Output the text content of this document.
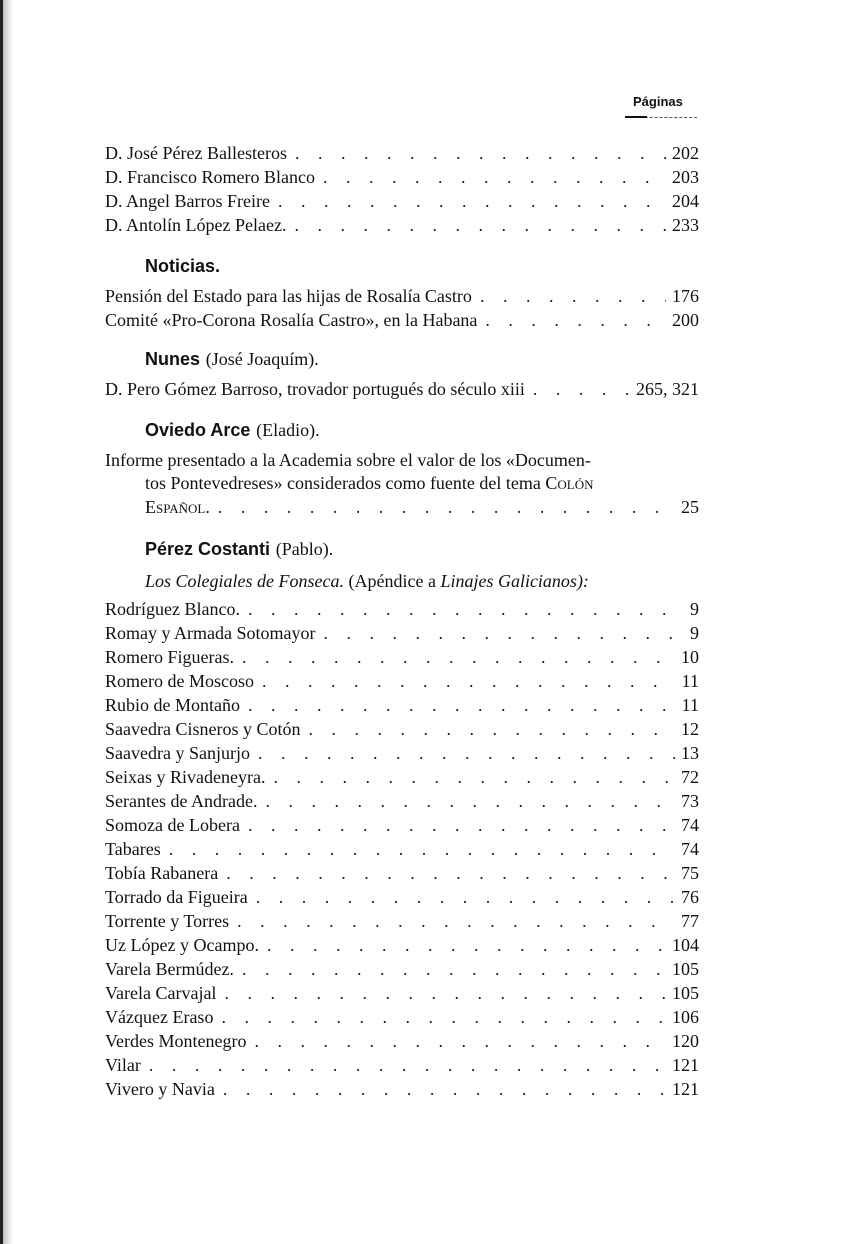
Páginas
D. José Pérez Ballesteros . . .	202
D. Francisco Romero Blanco . . .	203
D. Angel Barros Freire . . .	204
D. Antolín López Pelaez. . . .	233
Noticias.
Pensión del Estado para las hijas de Rosalía Castro . . .	176
Comité «Pro-Corona Rosalía Castro», en la Habana . . .	200
Nunes (José Joaquím).
D. Pero Gómez Barroso, trovador portugués do século xiii . . .	265, 321
Oviedo Arce (Eladio).
Informe presentado a la Academia sobre el valor de los «Documen-
tos Pontevedreses» considerados como fuente del tema Colón
Español. . . .	25
Pérez Costanti (Pablo).
Los Colegiales de Fonseca. (Apéndice a Linajes Galicianos):
Rodríguez Blanco. . . .	9
Romay y Armada Sotomayor . . .	9
Romero Figueras. . . .	10
Romero de Moscoso . . .	11
Rubio de Montaño . . .	11
Saavedra Cisneros y Cotón . . .	12
Saavedra y Sanjurjo . . .	13
Seixas y Rivadeneyra. . . .	72
Serantes de Andrade. . . .	73
Somoza de Lobera . . .	74
Tabares . . .	74
Tobía Rabanera . . .	75
Torrado da Figueira . . .	76
Torrente y Torres . . .	77
Uz López y Ocampo. . . .	104
Varela Bermúdez. . . .	105
Varela Carvajal . . .	105
Vázquez Eraso . . .	106
Verdes Montenegro . . .	120
Vilar . . .	121
Vivero y Navia . . .	121
